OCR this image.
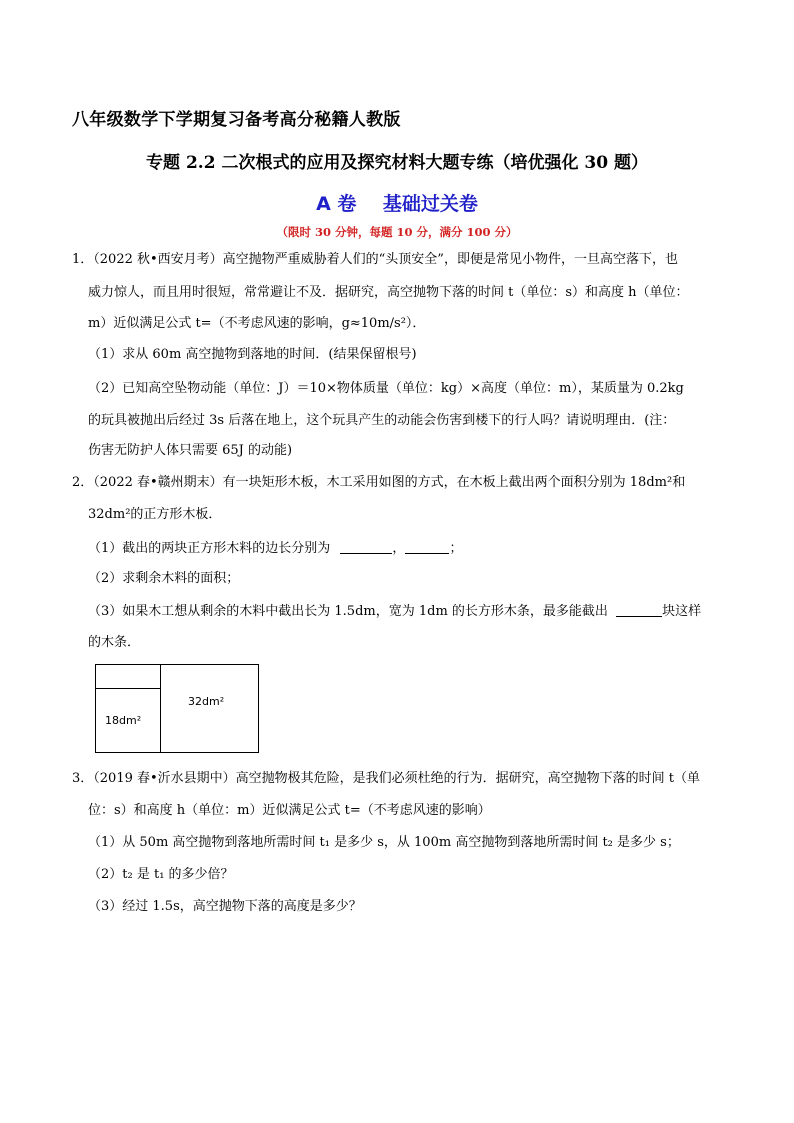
八年级数学下学期复习备考高分秘籍人教版
专题 2.2 二次根式的应用及探究材料大题专练（培优强化 30 题）
A 卷    基础过关卷
（限时 30 分钟，每题 10 分，满分 100 分）
1．（2022 秋•西安月考）高空抛物严重威胁着人们的“头顶安全”，即便是常见小物件，一旦高空落下，也
威力惊人，而且用时很短，常常避让不及．据研究，高空抛物下落的时间 t（单位：s）和高度 h（单位：
m）近似满足公式 t=（不考虑风速的影响，g≈10m/s²）．
（1）求从 60m 高空抛物到落地的时间．(结果保留根号)
（2）已知高空坠物动能（单位：J）＝10×物体质量（单位：kg）×高度（单位：m），某质量为 0.2kg
的玩具被抛出后经过 3s 后落在地上，这个玩具产生的动能会伤害到楼下的行人吗？请说明理由．(注：
伤害无防护人体只需要 65J 的动能)
2．（2022 春•赣州期末）有一块矩形木板，木工采用如图的方式，在木板上截出两个面积分别为 18dm²和
32dm²的正方形木板．
（1）截出的两块正方形木料的边长分别为	，	；
（2）求剩余木料的面积；
（3）如果木工想从剩余的木料中截出长为 1.5dm，宽为 1dm 的长方形木条，最多能截出	块这样
的木条．
18dm²
32dm²
3．（2019 春•沂水县期中）高空抛物极其危险，是我们必须杜绝的行为．据研究，高空抛物下落的时间 t（单
位：s）和高度 h（单位：m）近似满足公式 t=（不考虑风速的影响）
（1）从 50m 高空抛物到落地所需时间 t₁ 是多少 s，从 100m 高空抛物到落地所需时间 t₂ 是多少 s；
（2）t₂ 是 t₁ 的多少倍？
（3）经过 1.5s，高空抛物下落的高度是多少？
